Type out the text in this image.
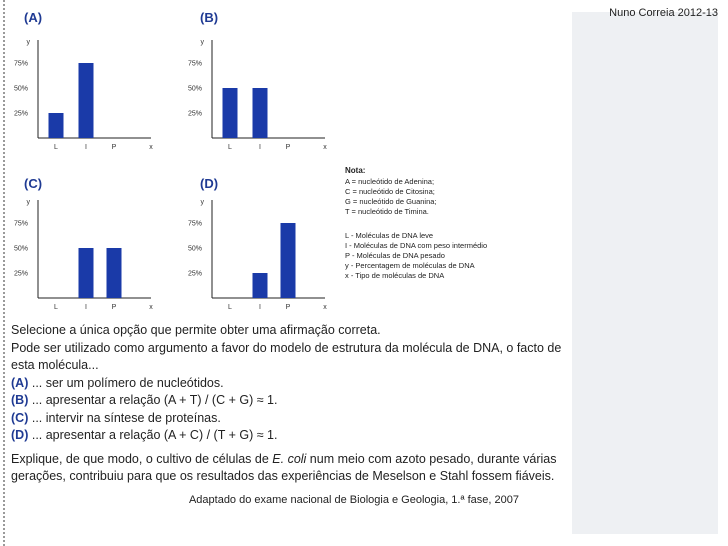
Nuno Correia 2012-13
(A)
y
x
75%
50%
25%
L	I	P
(B)
y
x
75%
50%
25%
L	I	P
(C)
y
x
75%
50%
25%
L	I	P
(D)
y
x
75%
50%
25%
L	I	P
Nota:
A = nucleótido de Adenina;
C = nucleótido de Citosina;
G = nucleótido de Guanina;
T = nucleótido de Timina.
L - Moléculas de DNA leve
I - Moléculas de DNA com peso intermédio
P - Moléculas de DNA pesado
y - Percentagem de moléculas de DNA
x - Tipo de moléculas de DNA
Selecione a única opção que permite obter uma afirmação correta.
Pode ser utilizado como argumento a favor do modelo de estrutura da molécula de DNA, o facto de esta molécula...
(A) ... ser um polímero de nucleótidos.
(B) ... apresentar a relação (A + T) / (C + G) ≈ 1.
(C) ... intervir na síntese de proteínas.
(D) ... apresentar a relação (A + C) / (T + G) ≈ 1.
Explique, de que modo, o cultivo de células de E. coli num meio com azoto pesado, durante várias gerações, contribuiu para que os resultados das experiências de Meselson e Stahl fossem fiáveis.
Adaptado do exame nacional de Biologia e Geologia, 1.ª fase, 2007
